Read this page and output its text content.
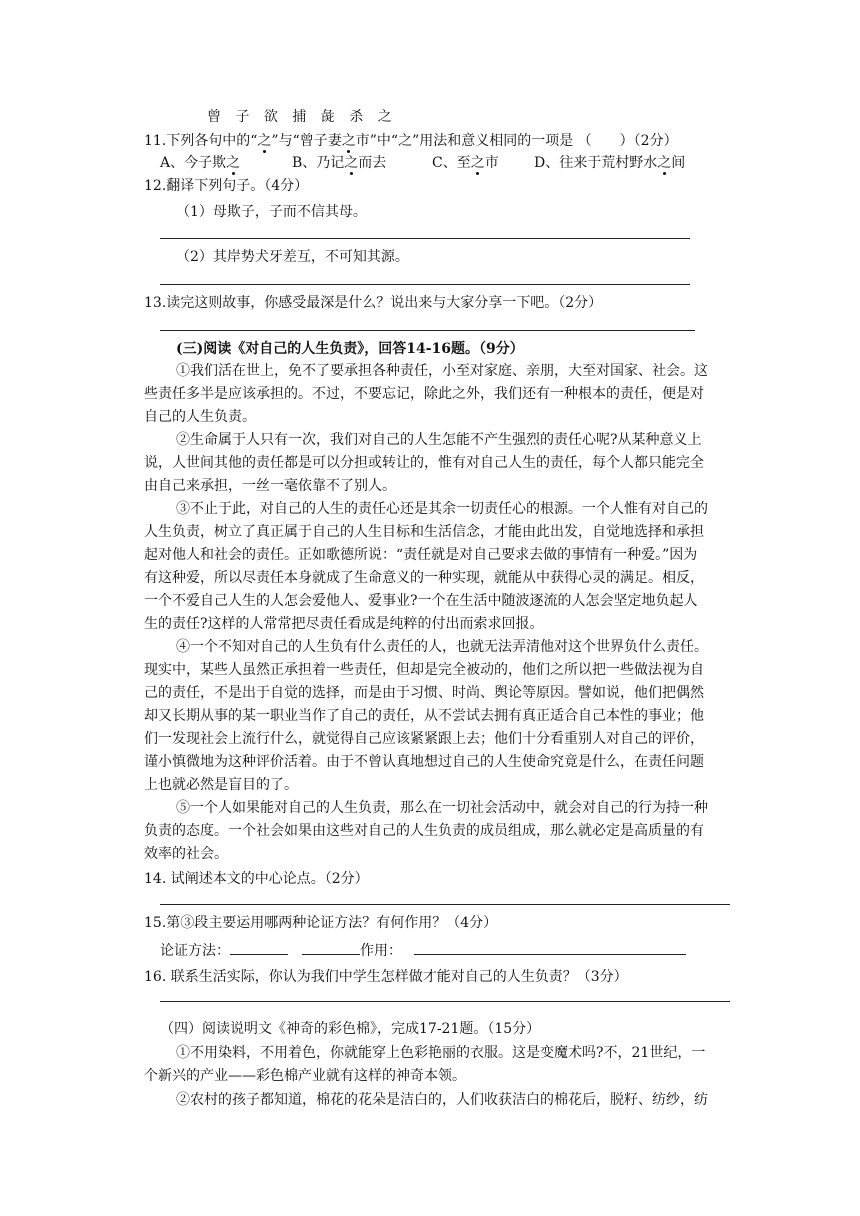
曾 子 欲 捕 彘 杀 之
11.下列各句中的“之”与“曾子妻之市”中“之”用法和意义相同的一项是 （　　）（2分）
A、今子欺之	B、乃记之而去	C、至之市	D、往来于荒村野水之间
12.翻译下列句子。（4分）
（1）母欺子，子而不信其母。
（2）其岸势犬牙差互，不可知其源。
13.读完这则故事，你感受最深是什么？说出来与大家分享一下吧。（2分）
(三)阅读《对自己的人生负责》，回答14-16题。（9分）
①我们活在世上，免不了要承担各种责任，小至对家庭、亲朋，大至对国家、社会。这
些责任多半是应该承担的。不过，不要忘记，除此之外，我们还有一种根本的责任，便是对
自己的人生负责。
②生命属于人只有一次，我们对自己的人生怎能不产生强烈的责任心呢?从某种意义上
说，人世间其他的责任都是可以分担或转让的，惟有对自己人生的责任，每个人都只能完全
由自己来承担，一丝一毫依靠不了别人。
③不止于此，对自己的人生的责任心还是其余一切责任心的根源。一个人惟有对自己的
人生负责，树立了真正属于自己的人生目标和生活信念，才能由此出发，自觉地选择和承担
起对他人和社会的责任。正如歌德所说：“责任就是对自己要求去做的事情有一种爱。”因为
有这种爱，所以尽责任本身就成了生命意义的一种实现，就能从中获得心灵的满足。相反，
一个不爱自己人生的人怎会爱他人、爱事业?一个在生活中随波逐流的人怎会坚定地负起人
生的责任?这样的人常常把尽责任看成是纯粹的付出而索求回报。
④一个不知对自己的人生负有什么责任的人，也就无法弄清他对这个世界负什么责任。
现实中，某些人虽然正承担着一些责任，但却是完全被动的，他们之所以把一些做法视为自
己的责任，不是出于自觉的选择，而是由于习惯、时尚、舆论等原因。譬如说，他们把偶然
却又长期从事的某一职业当作了自己的责任，从不尝试去拥有真正适合自己本性的事业；他
们一发现社会上流行什么，就觉得自己应该紧紧跟上去；他们十分看重别人对自己的评价，
谨小慎微地为这种评价活着。由于不曾认真地想过自己的人生使命究竟是什么，在责任问题
上也就必然是盲目的了。
⑤一个人如果能对自己的人生负责，那么在一切社会活动中，就会对自己的行为持一种
负责的态度。一个社会如果由这些对自己的人生负责的成员组成，那么就必定是高质量的有
效率的社会。
14. 试阐述本文的中心论点。（2分）
15.第③段主要运用哪两种论证方法？有何作用？（4分）
论证方法：	作用：
16. 联系生活实际，你认为我们中学生怎样做才能对自己的人生负责？（3分）
（四）阅读说明文《神奇的彩色棉》，完成17-21题。（15分）
①不用染料，不用着色，你就能穿上色彩艳丽的衣服。这是变魔术吗?不，21世纪，一
个新兴的产业——彩色棉产业就有这样的神奇本领。
②农村的孩子都知道，棉花的花朵是洁白的，人们收获洁白的棉花后，脱籽、纺纱，纺
